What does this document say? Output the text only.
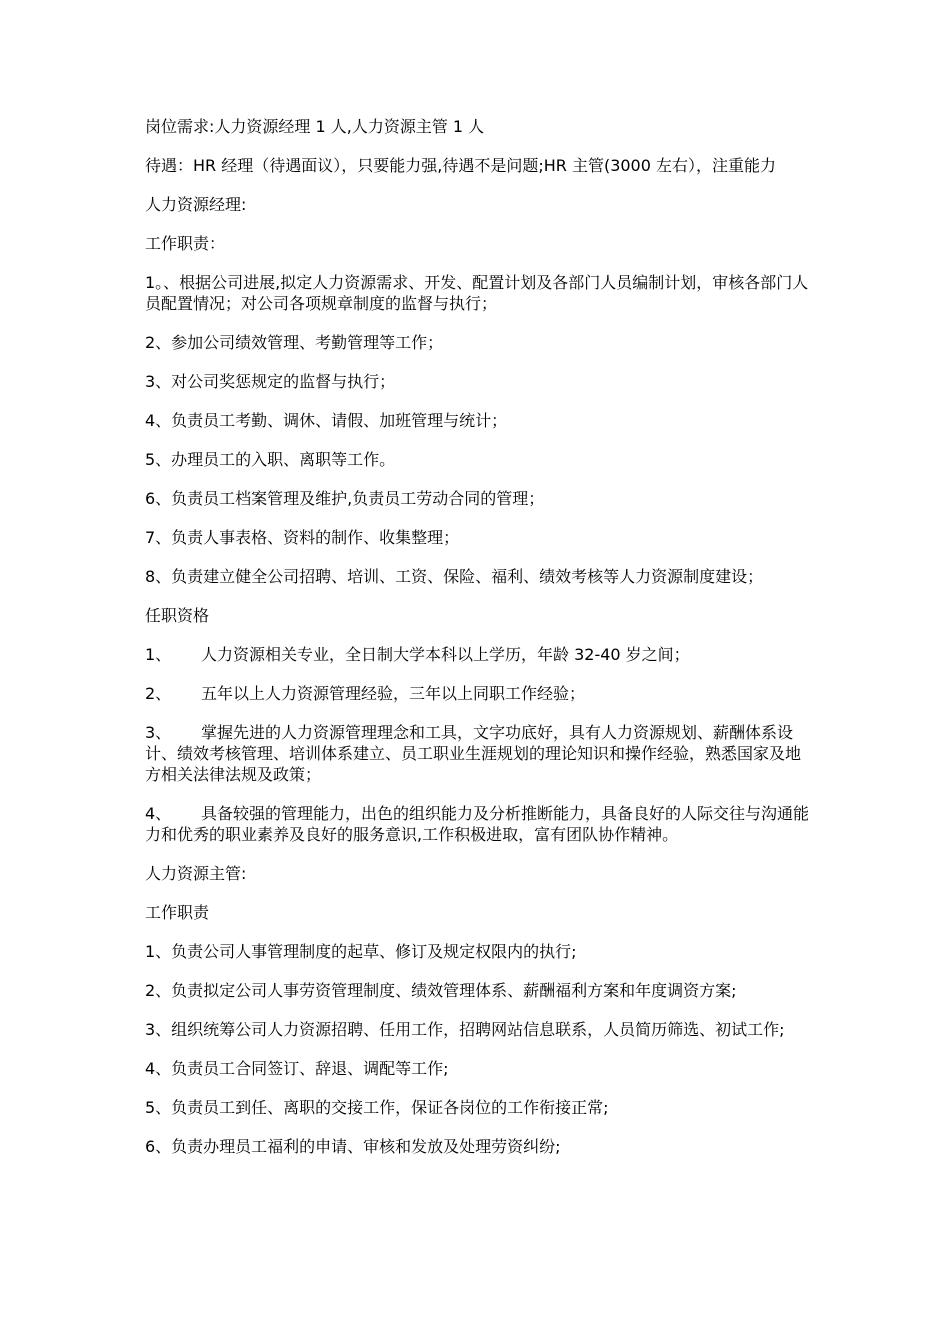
岗位需求:人力资源经理 1 人,人力资源主管 1 人

待遇：HR 经理（待遇面议），只要能力强,待遇不是问题;HR 主管(3000 左右），注重能力

人力资源经理:

工作职责：

1。、根据公司进展,拟定人力资源需求、开发、配置计划及各部门人员编制计划，审核各部门人员配置情况；对公司各项规章制度的监督与执行；

2、参加公司绩效管理、考勤管理等工作；

3、对公司奖惩规定的监督与执行；

4、负责员工考勤、调休、请假、加班管理与统计；

5、办理员工的入职、离职等工作。

6、负责员工档案管理及维护,负责员工劳动合同的管理；

7、负责人事表格、资料的制作、收集整理；

8、负责建立健全公司招聘、培训、工资、保险、福利、绩效考核等人力资源制度建设；

任职资格

1、 人力资源相关专业，全日制大学本科以上学历，年龄 32-40 岁之间；

2、 五年以上人力资源管理经验，三年以上同职工作经验；

3、 掌握先进的人力资源管理理念和工具，文字功底好，具有人力资源规划、薪酬体系设计、绩效考核管理、培训体系建立、员工职业生涯规划的理论知识和操作经验，熟悉国家及地方相关法律法规及政策；

4、 具备较强的管理能力，出色的组织能力及分析推断能力，具备良好的人际交往与沟通能力和优秀的职业素养及良好的服务意识,工作积极进取，富有团队协作精神。

人力资源主管:

工作职责

1、负责公司人事管理制度的起草、修订及规定权限内的执行;

2、负责拟定公司人事劳资管理制度、绩效管理体系、薪酬福利方案和年度调资方案;

3、组织统筹公司人力资源招聘、任用工作，招聘网站信息联系，人员简历筛选、初试工作;

4、负责员工合同签订、辞退、调配等工作;

5、负责员工到任、离职的交接工作，保证各岗位的工作衔接正常;

6、负责办理员工福利的申请、审核和发放及处理劳资纠纷;
